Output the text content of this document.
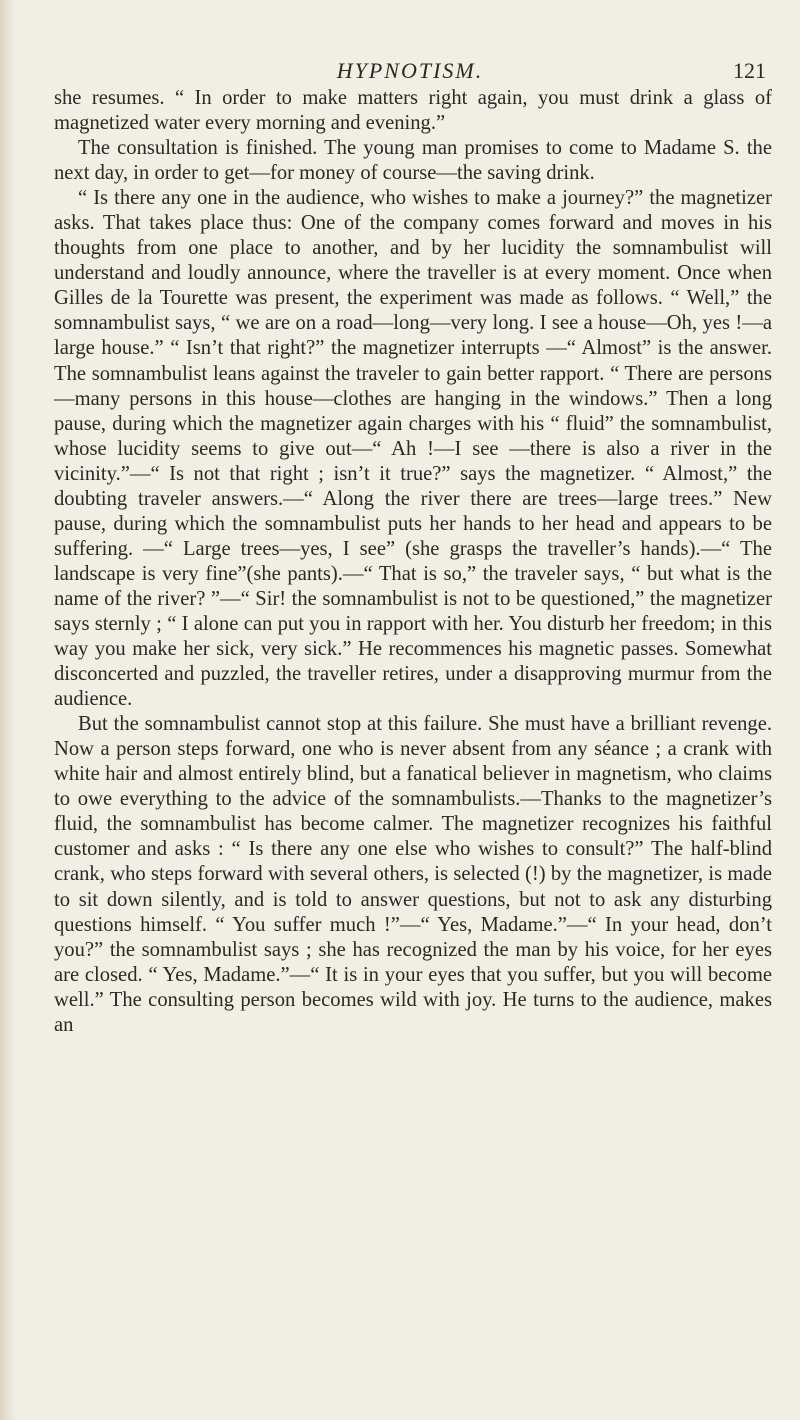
HYPNOTISM.	121

she resumes. “ In order to make matters right again, you must drink a glass of magnetized water every morning and evening.”

The consultation is finished. The young man promises to come to Madame S. the next day, in order to get—for money of course—the saving drink.

“ Is there any one in the audience, who wishes to make a journey?” the magnetizer asks. That takes place thus: One of the company comes forward and moves in his thoughts from one place to another, and by her lucidity the somnambulist will understand and loudly announce, where the traveller is at every moment. Once when Gilles de la Tourette was present, the experiment was made as follows. “ Well,” the somnambulist says, “ we are on a road—long—very long. I see a house—Oh, yes !—a large house.” “ Isn’t that right?” the magnetizer interrupts —“ Almost” is the answer. The somnambulist leans against the traveler to gain better rapport. “ There are persons—many persons in this house—clothes are hanging in the windows.” Then a long pause, during which the magnetizer again charges with his “ fluid” the somnambulist, whose lucidity seems to give out—“ Ah !—I see —there is also a river in the vicinity.”—“ Is not that right ; isn’t it true?” says the magnetizer. “ Almost,” the doubting traveler answers.—“ Along the river there are trees—large trees.” New pause, during which the somnambulist puts her hands to her head and appears to be suffering. —“ Large trees—yes, I see” (she grasps the traveller’s hands).—“ The landscape is very fine”(she pants).—“ That is so,” the traveler says, “ but what is the name of the river? ”—“ Sir! the somnambulist is not to be questioned,” the magnetizer says sternly ; “ I alone can put you in rapport with her. You disturb her freedom; in this way you make her sick, very sick.” He recommences his magnetic passes. Somewhat disconcerted and puzzled, the traveller retires, under a disapproving murmur from the audience.

But the somnambulist cannot stop at this failure. She must have a brilliant revenge. Now a person steps forward, one who is never absent from any séance ; a crank with white hair and almost entirely blind, but a fanatical believer in magnetism, who claims to owe everything to the advice of the somnambulists.—Thanks to the magnetizer’s fluid, the somnambulist has become calmer. The magnetizer recognizes his faithful customer and asks : “ Is there any one else who wishes to consult?” The half-blind crank, who steps forward with several others, is selected (!) by the magnetizer, is made to sit down silently, and is told to answer questions, but not to ask any disturbing questions himself. “ You suffer much !”—“ Yes, Madame.”—“ In your head, don’t you?” the somnambulist says ; she has recognized the man by his voice, for her eyes are closed. “ Yes, Madame.”—“ It is in your eyes that you suffer, but you will become well.” The consulting person becomes wild with joy. He turns to the audience, makes an
